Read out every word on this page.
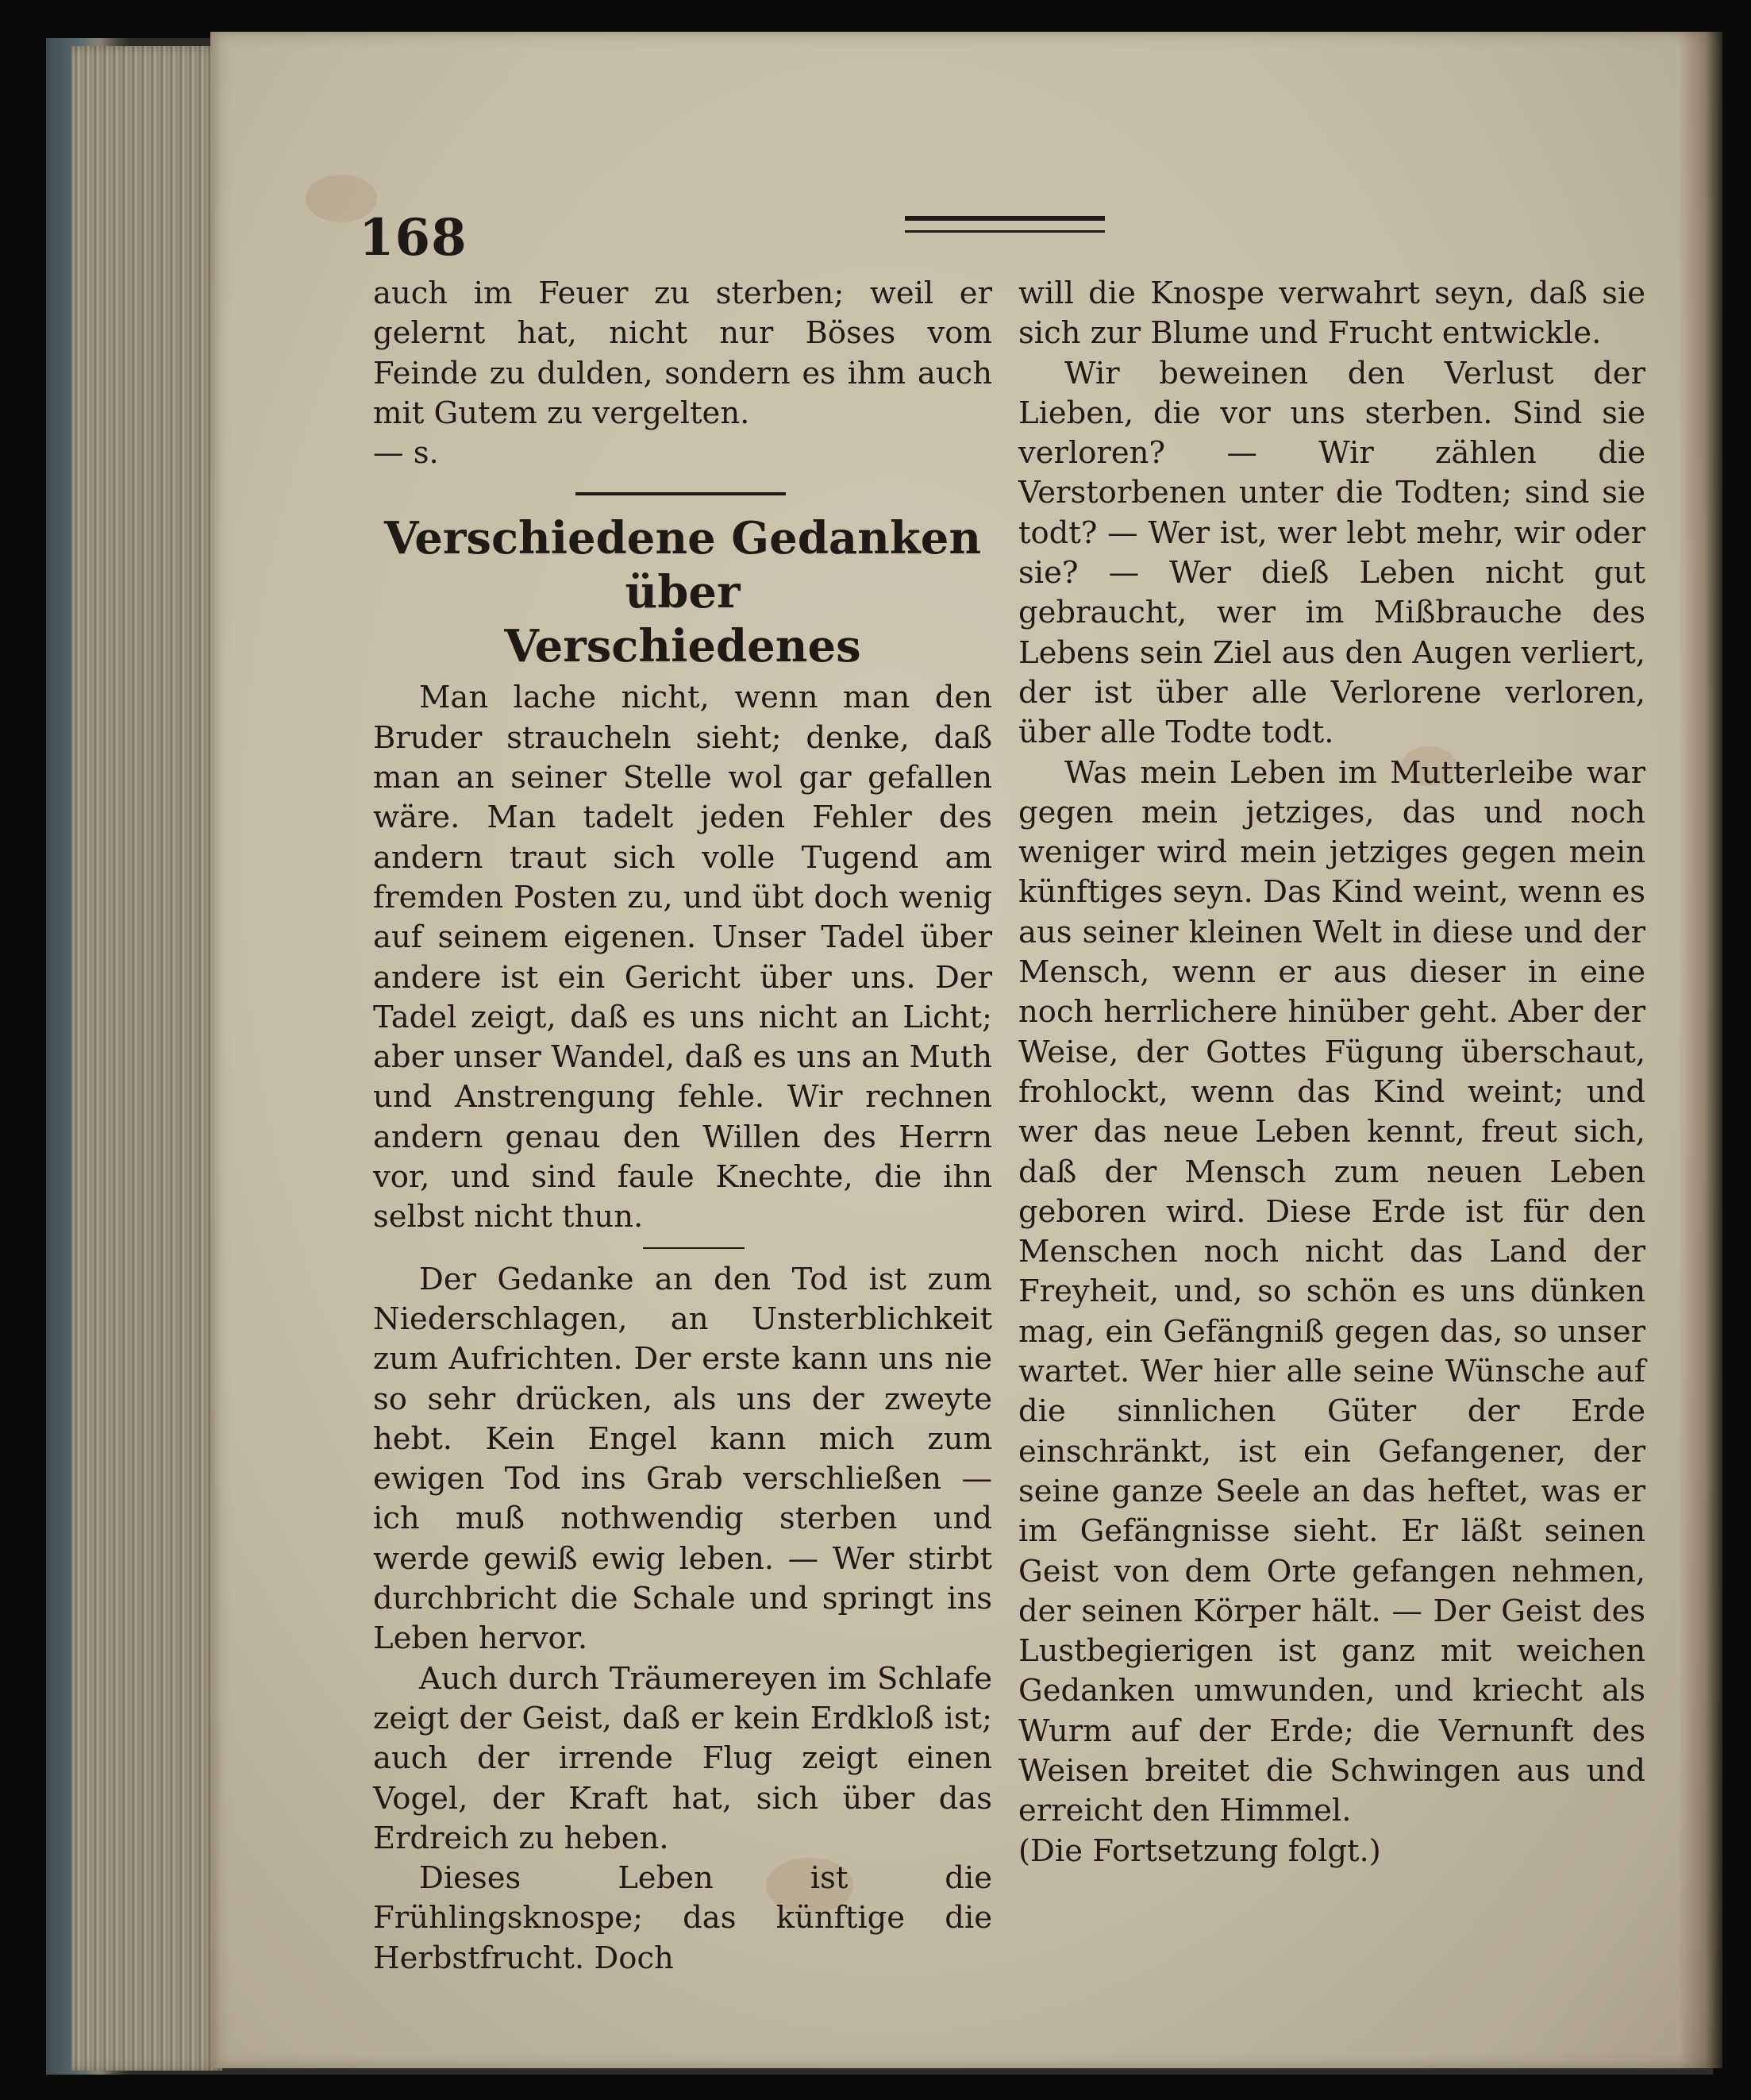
168

auch im Feuer zu sterben; weil er gelernt hat, nicht nur Böses vom Feinde zu dulden, sondern es ihm auch mit Gutem zu vergelten.

— s.

Verschiedene Gedanken über
Verschiedenes

Man lache nicht, wenn man den Bruder straucheln sieht; denke, daß man an seiner Stelle wol gar gefallen wäre. Man tadelt jeden Fehler des andern traut sich volle Tugend am fremden Posten zu, und übt doch wenig auf seinem eigenen. Unser Tadel über andere ist ein Gericht über uns. Der Tadel zeigt, daß es uns nicht an Licht; aber unser Wandel, daß es uns an Muth und Anstrengung fehle. Wir rechnen andern genau den Willen des Herrn vor, und sind faule Knechte, die ihn selbst nicht thun.

Der Gedanke an den Tod ist zum Niederschlagen, an Unsterblichkeit zum Aufrichten. Der erste kann uns nie so sehr drücken, als uns der zweyte hebt. Kein Engel kann mich zum ewigen Tod ins Grab verschließen — ich muß nothwendig sterben und werde gewiß ewig leben. — Wer stirbt durchbricht die Schale und springt ins Leben hervor.

Auch durch Träumereyen im Schlafe zeigt der Geist, daß er kein Erdkloß ist; auch der irrende Flug zeigt einen Vogel, der Kraft hat, sich über das Erdreich zu heben.

Dieses Leben ist die Frühlingsknospe; das künftige die Herbstfrucht. Doch

will die Knospe verwahrt seyn, daß sie sich zur Blume und Frucht entwickle.

Wir beweinen den Verlust der Lieben, die vor uns sterben. Sind sie verloren? — Wir zählen die Verstorbenen unter die Todten; sind sie todt? — Wer ist, wer lebt mehr, wir oder sie? — Wer dieß Leben nicht gut gebraucht, wer im Mißbrauche des Lebens sein Ziel aus den Augen verliert, der ist über alle Verlorene verloren, über alle Todte todt.

Was mein Leben im Mutterleibe war gegen mein jetziges, das und noch weniger wird mein jetziges gegen mein künftiges seyn. Das Kind weint, wenn es aus seiner kleinen Welt in diese und der Mensch, wenn er aus dieser in eine noch herrlichere hinüber geht. Aber der Weise, der Gottes Fügung überschaut, frohlockt, wenn das Kind weint; und wer das neue Leben kennt, freut sich, daß der Mensch zum neuen Leben geboren wird. Diese Erde ist für den Menschen noch nicht das Land der Freyheit, und, so schön es uns dünken mag, ein Gefängniß gegen das, so unser wartet. Wer hier alle seine Wünsche auf die sinnlichen Güter der Erde einschränkt, ist ein Gefangener, der seine ganze Seele an das heftet, was er im Gefängnisse sieht. Er läßt seinen Geist von dem Orte gefangen nehmen, der seinen Körper hält. — Der Geist des Lustbegierigen ist ganz mit weichen Gedanken umwunden, und kriecht als Wurm auf der Erde; die Vernunft des Weisen breitet die Schwingen aus und erreicht den Himmel.

(Die Fortsetzung folgt.)
